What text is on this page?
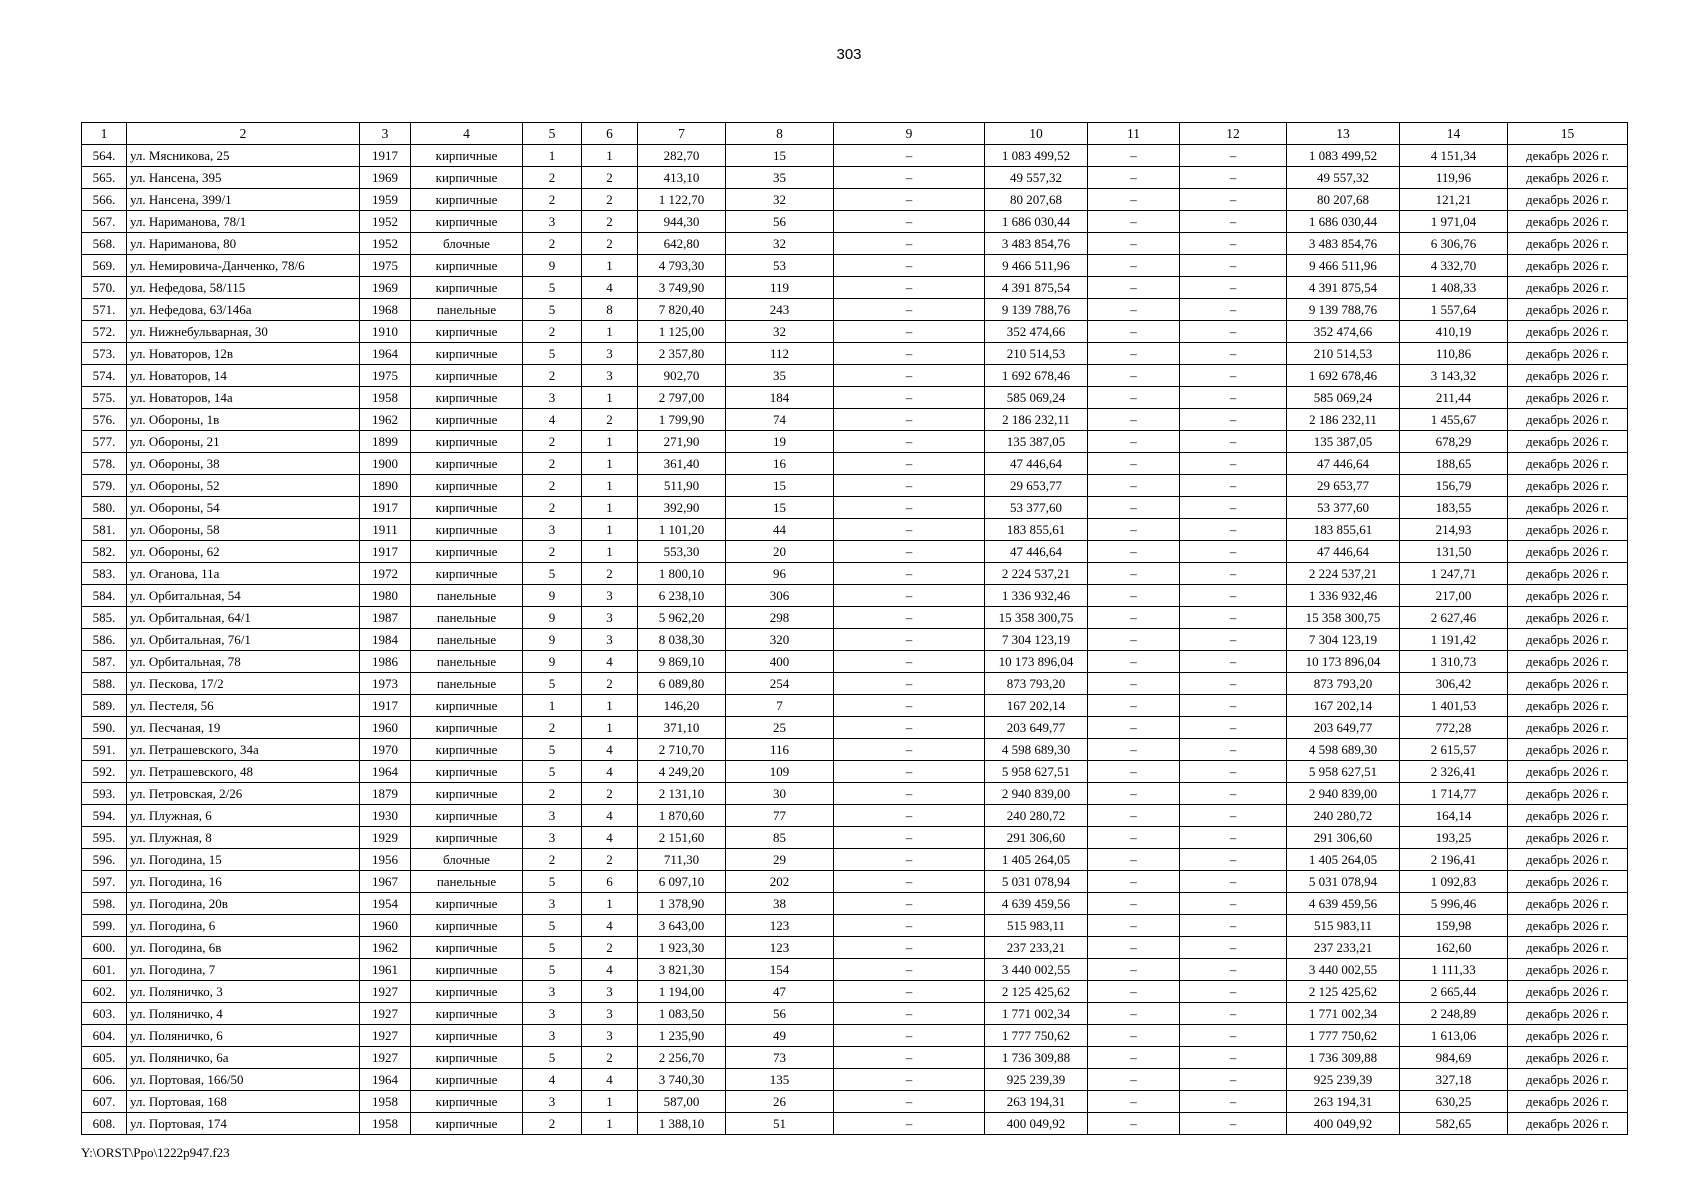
303
1	2	3	4	5	6	7	8	9	10	11	12	13	14	15
564.	ул. Мясникова, 25	1917	кирпичные	1	1	282,70	15	–	1 083 499,52	–	–	1 083 499,52	4 151,34	декабрь 2026 г.
565.	ул. Нансена, 395	1969	кирпичные	2	2	413,10	35	–	49 557,32	–	–	49 557,32	119,96	декабрь 2026 г.
566.	ул. Нансена, 399/1	1959	кирпичные	2	2	1 122,70	32	–	80 207,68	–	–	80 207,68	121,21	декабрь 2026 г.
567.	ул. Нариманова, 78/1	1952	кирпичные	3	2	944,30	56	–	1 686 030,44	–	–	1 686 030,44	1 971,04	декабрь 2026 г.
568.	ул. Нариманова, 80	1952	блочные	2	2	642,80	32	–	3 483 854,76	–	–	3 483 854,76	6 306,76	декабрь 2026 г.
569.	ул. Немировича-Данченко, 78/6	1975	кирпичные	9	1	4 793,30	53	–	9 466 511,96	–	–	9 466 511,96	4 332,70	декабрь 2026 г.
570.	ул. Нефедова, 58/115	1969	кирпичные	5	4	3 749,90	119	–	4 391 875,54	–	–	4 391 875,54	1 408,33	декабрь 2026 г.
571.	ул. Нефедова, 63/146а	1968	панельные	5	8	7 820,40	243	–	9 139 788,76	–	–	9 139 788,76	1 557,64	декабрь 2026 г.
572.	ул. Нижнебульварная, 30	1910	кирпичные	2	1	1 125,00	32	–	352 474,66	–	–	352 474,66	410,19	декабрь 2026 г.
573.	ул. Новаторов, 12в	1964	кирпичные	5	3	2 357,80	112	–	210 514,53	–	–	210 514,53	110,86	декабрь 2026 г.
574.	ул. Новаторов, 14	1975	кирпичные	2	3	902,70	35	–	1 692 678,46	–	–	1 692 678,46	3 143,32	декабрь 2026 г.
575.	ул. Новаторов, 14а	1958	кирпичные	3	1	2 797,00	184	–	585 069,24	–	–	585 069,24	211,44	декабрь 2026 г.
576.	ул. Обороны, 1в	1962	кирпичные	4	2	1 799,90	74	–	2 186 232,11	–	–	2 186 232,11	1 455,67	декабрь 2026 г.
577.	ул. Обороны, 21	1899	кирпичные	2	1	271,90	19	–	135 387,05	–	–	135 387,05	678,29	декабрь 2026 г.
578.	ул. Обороны, 38	1900	кирпичные	2	1	361,40	16	–	47 446,64	–	–	47 446,64	188,65	декабрь 2026 г.
579.	ул. Обороны, 52	1890	кирпичные	2	1	511,90	15	–	29 653,77	–	–	29 653,77	156,79	декабрь 2026 г.
580.	ул. Обороны, 54	1917	кирпичные	2	1	392,90	15	–	53 377,60	–	–	53 377,60	183,55	декабрь 2026 г.
581.	ул. Обороны, 58	1911	кирпичные	3	1	1 101,20	44	–	183 855,61	–	–	183 855,61	214,93	декабрь 2026 г.
582.	ул. Обороны, 62	1917	кирпичные	2	1	553,30	20	–	47 446,64	–	–	47 446,64	131,50	декабрь 2026 г.
583.	ул. Оганова, 11а	1972	кирпичные	5	2	1 800,10	96	–	2 224 537,21	–	–	2 224 537,21	1 247,71	декабрь 2026 г.
584.	ул. Орбитальная, 54	1980	панельные	9	3	6 238,10	306	–	1 336 932,46	–	–	1 336 932,46	217,00	декабрь 2026 г.
585.	ул. Орбитальная, 64/1	1987	панельные	9	3	5 962,20	298	–	15 358 300,75	–	–	15 358 300,75	2 627,46	декабрь 2026 г.
586.	ул. Орбитальная, 76/1	1984	панельные	9	3	8 038,30	320	–	7 304 123,19	–	–	7 304 123,19	1 191,42	декабрь 2026 г.
587.	ул. Орбитальная, 78	1986	панельные	9	4	9 869,10	400	–	10 173 896,04	–	–	10 173 896,04	1 310,73	декабрь 2026 г.
588.	ул. Пескова, 17/2	1973	панельные	5	2	6 089,80	254	–	873 793,20	–	–	873 793,20	306,42	декабрь 2026 г.
589.	ул. Пестеля, 56	1917	кирпичные	1	1	146,20	7	–	167 202,14	–	–	167 202,14	1 401,53	декабрь 2026 г.
590.	ул. Песчаная, 19	1960	кирпичные	2	1	371,10	25	–	203 649,77	–	–	203 649,77	772,28	декабрь 2026 г.
591.	ул. Петрашевского, 34а	1970	кирпичные	5	4	2 710,70	116	–	4 598 689,30	–	–	4 598 689,30	2 615,57	декабрь 2026 г.
592.	ул. Петрашевского, 48	1964	кирпичные	5	4	4 249,20	109	–	5 958 627,51	–	–	5 958 627,51	2 326,41	декабрь 2026 г.
593.	ул. Петровская, 2/26	1879	кирпичные	2	2	2 131,10	30	–	2 940 839,00	–	–	2 940 839,00	1 714,77	декабрь 2026 г.
594.	ул. Плужная, 6	1930	кирпичные	3	4	1 870,60	77	–	240 280,72	–	–	240 280,72	164,14	декабрь 2026 г.
595.	ул. Плужная, 8	1929	кирпичные	3	4	2 151,60	85	–	291 306,60	–	–	291 306,60	193,25	декабрь 2026 г.
596.	ул. Погодина, 15	1956	блочные	2	2	711,30	29	–	1 405 264,05	–	–	1 405 264,05	2 196,41	декабрь 2026 г.
597.	ул. Погодина, 16	1967	панельные	5	6	6 097,10	202	–	5 031 078,94	–	–	5 031 078,94	1 092,83	декабрь 2026 г.
598.	ул. Погодина, 20в	1954	кирпичные	3	1	1 378,90	38	–	4 639 459,56	–	–	4 639 459,56	5 996,46	декабрь 2026 г.
599.	ул. Погодина, 6	1960	кирпичные	5	4	3 643,00	123	–	515 983,11	–	–	515 983,11	159,98	декабрь 2026 г.
600.	ул. Погодина, 6в	1962	кирпичные	5	2	1 923,30	123	–	237 233,21	–	–	237 233,21	162,60	декабрь 2026 г.
601.	ул. Погодина, 7	1961	кирпичные	5	4	3 821,30	154	–	3 440 002,55	–	–	3 440 002,55	1 111,33	декабрь 2026 г.
602.	ул. Поляничко, 3	1927	кирпичные	3	3	1 194,00	47	–	2 125 425,62	–	–	2 125 425,62	2 665,44	декабрь 2026 г.
603.	ул. Поляничко, 4	1927	кирпичные	3	3	1 083,50	56	–	1 771 002,34	–	–	1 771 002,34	2 248,89	декабрь 2026 г.
604.	ул. Поляничко, 6	1927	кирпичные	3	3	1 235,90	49	–	1 777 750,62	–	–	1 777 750,62	1 613,06	декабрь 2026 г.
605.	ул. Поляничко, 6а	1927	кирпичные	5	2	2 256,70	73	–	1 736 309,88	–	–	1 736 309,88	984,69	декабрь 2026 г.
606.	ул. Портовая, 166/50	1964	кирпичные	4	4	3 740,30	135	–	925 239,39	–	–	925 239,39	327,18	декабрь 2026 г.
607.	ул. Портовая, 168	1958	кирпичные	3	1	587,00	26	–	263 194,31	–	–	263 194,31	630,25	декабрь 2026 г.
608.	ул. Портовая, 174	1958	кирпичные	2	1	1 388,10	51	–	400 049,92	–	–	400 049,92	582,65	декабрь 2026 г.
Y:\ORST\Ppo\1222p947.f23
